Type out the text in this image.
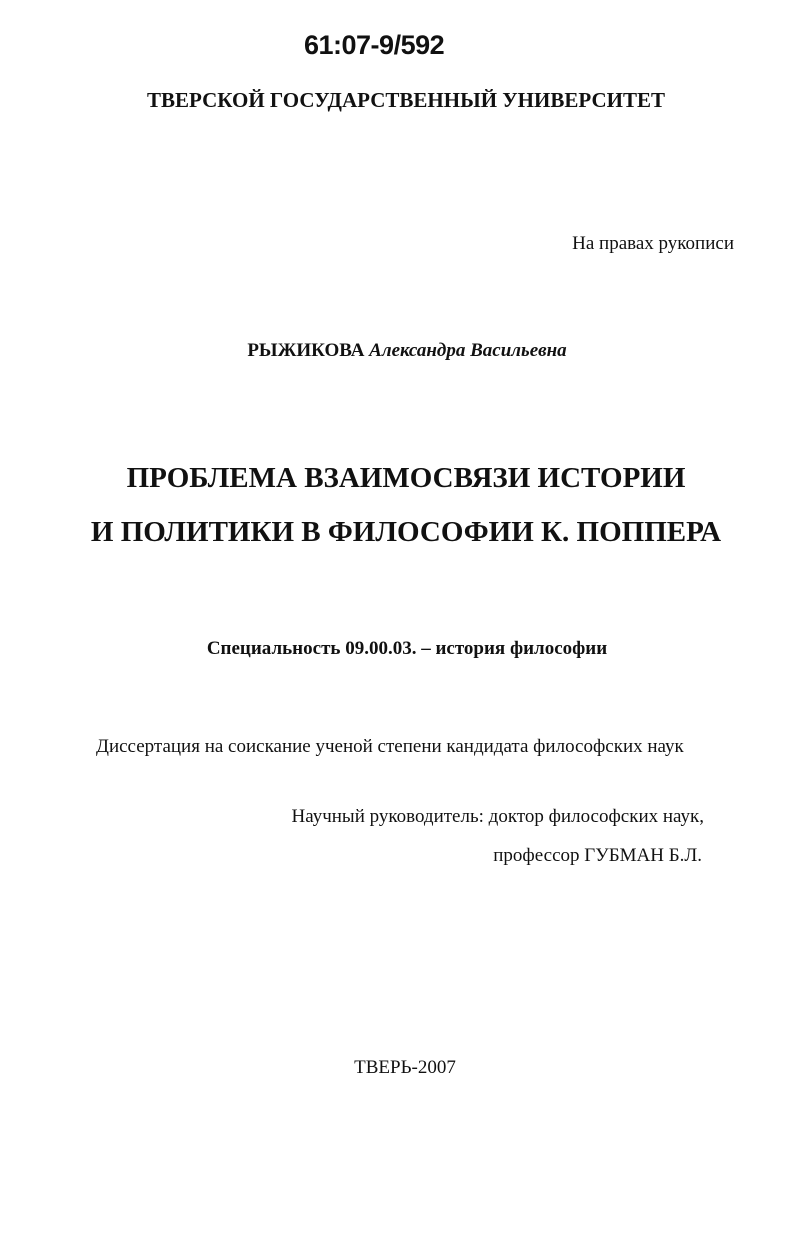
61:07-9/592
ТВЕРСКОЙ ГОСУДАРСТВЕННЫЙ УНИВЕРСИТЕТ
На правах рукописи
РЫЖИКОВА Александра Васильевна
ПРОБЛЕМА ВЗАИМОСВЯЗИ ИСТОРИИ
И ПОЛИТИКИ В ФИЛОСОФИИ К. ПОППЕРА
Специальность 09.00.03. – история философии
Диссертация на соискание ученой степени кандидата философских наук
Научный руководитель: доктор философских наук,
профессор ГУБМАН Б.Л.
ТВЕРЬ-2007
